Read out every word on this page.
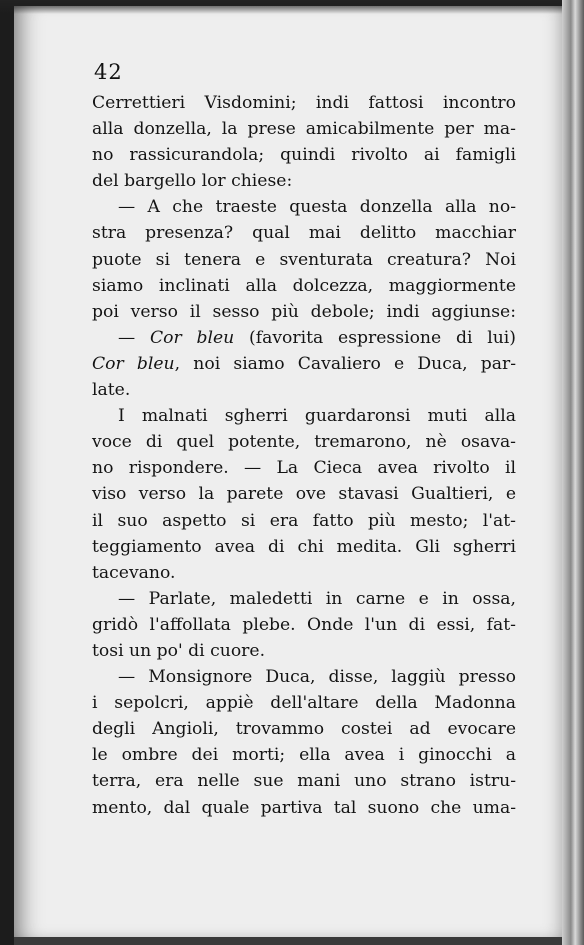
42
Cerrettieri Visdomini; indi fattosi incontro
alla donzella, la prese amicabilmente per ma-
no rassicurandola; quindi rivolto ai famigli
del bargello lor chiese:
— A che traeste questa donzella alla no-
stra presenza? qual mai delitto macchiar
puote si tenera e sventurata creatura? Noi
siamo inclinati alla dolcezza, maggiormente
poi verso il sesso più debole; indi aggiunse:
— Cor bleu (favorita espressione di lui)
Cor bleu, noi siamo Cavaliero e Duca, par-
late.
I malnati sgherri guardaronsi muti alla
voce di quel potente, tremarono, nè osava-
no rispondere. — La Cieca avea rivolto il
viso verso la parete ove stavasi Gualtieri, e
il suo aspetto si era fatto più mesto; l'at-
teggiamento avea di chi medita. Gli sgherri
tacevano.
— Parlate, maledetti in carne e in ossa,
gridò l'affollata plebe. Onde l'un di essi, fat-
tosi un po' di cuore.
— Monsignore Duca, disse, laggiù presso
i sepolcri, appiè dell'altare della Madonna
degli Angioli, trovammo costei ad evocare
le ombre dei morti; ella avea i ginocchi a
terra, era nelle sue mani uno strano istru-
mento, dal quale partiva tal suono che uma-
